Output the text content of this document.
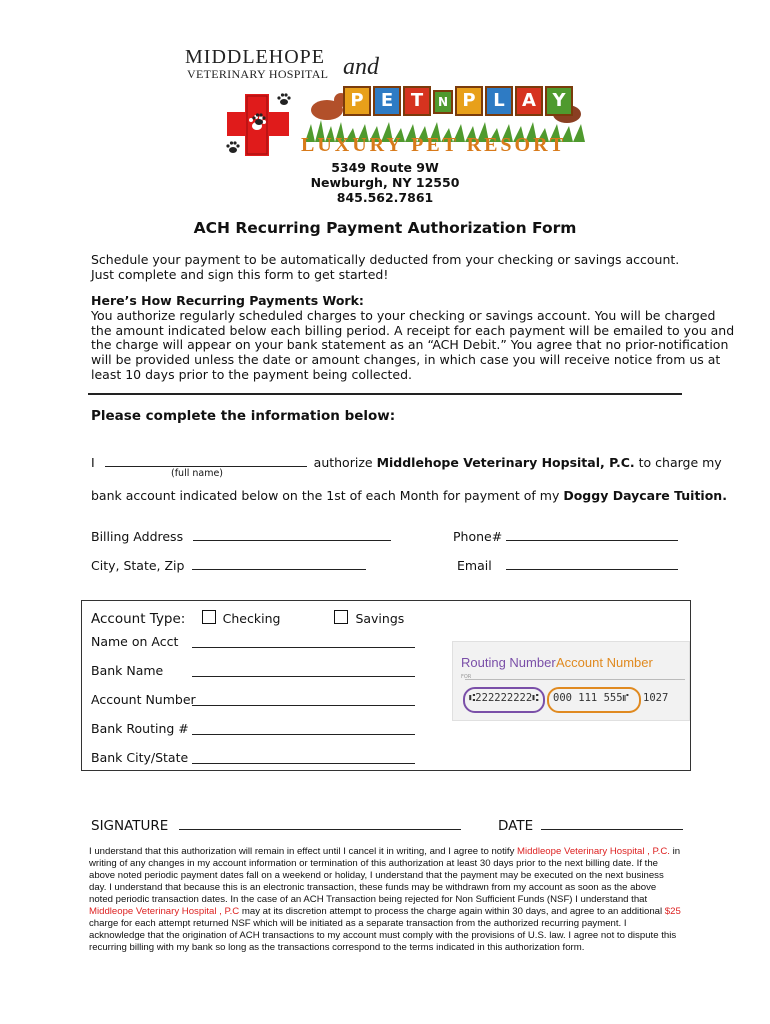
MIDDLEHOPE
VETERINARY HOSPITAL and
P E T	N P L A Y
LUXURY PET RESORT
5349 Route 9W
Newburgh, NY 12550
845.562.7861
ACH Recurring Payment Authorization Form
Schedule your payment to be automatically deducted from your checking or savings account.
Just complete and sign this form to get started!
Here’s How Recurring Payments Work:
You authorize regularly scheduled charges to your checking or savings account. You will be charged
the amount indicated below each billing period. A receipt for each payment will be emailed to you and
the charge will appear on your bank statement as an “ACH Debit.” You agree that no prior-notification
will be provided unless the date or amount changes, in which case you will receive notice from us at
least 10 days prior to the payment being collected.
Please complete the information below:
I	authorize Middlehope Veterinary Hopsital, P.C. to charge my
(full name)
bank account indicated below on the 1st of each Month for payment of my Doggy Daycare Tuition.
Billing Address	Phone#
City, State, Zip	Email
Account Type:	Checking	Savings
Name on Acct
Bank Name
Account Number
Bank Routing #
Bank City/State
Routing Number Account Number
FOR
⑆222222222⑆ 000 111 555⑈ 1027
SIGNATURE	DATE
I understand that this authorization will remain in effect until I cancel it in writing, and I agree to notify Middleope Veterinary Hospital , P.C. in writing of any changes in my account information or termination of this authorization at least 30 days prior to the next billing date. If the above noted periodic payment dates fall on a weekend or holiday, I understand that the payment may be executed on the next business day. I understand that because this is an electronic transaction, these funds may be withdrawn from my account as soon as the above noted periodic transaction dates. In the case of an ACH Transaction being rejected for Non Sufficient Funds (NSF) I understand that Middleope Veterinary Hospital , P.C may at its discretion attempt to process the charge again within 30 days, and agree to an additional $25 charge for each attempt returned NSF which will be initiated as a separate transaction from the authorized recurring payment. I acknowledge that the origination of ACH transactions to my account must comply with the provisions of U.S. law. I agree not to dispute this recurring billing with my bank so long as the transactions correspond to the terms indicated in this authorization form.
